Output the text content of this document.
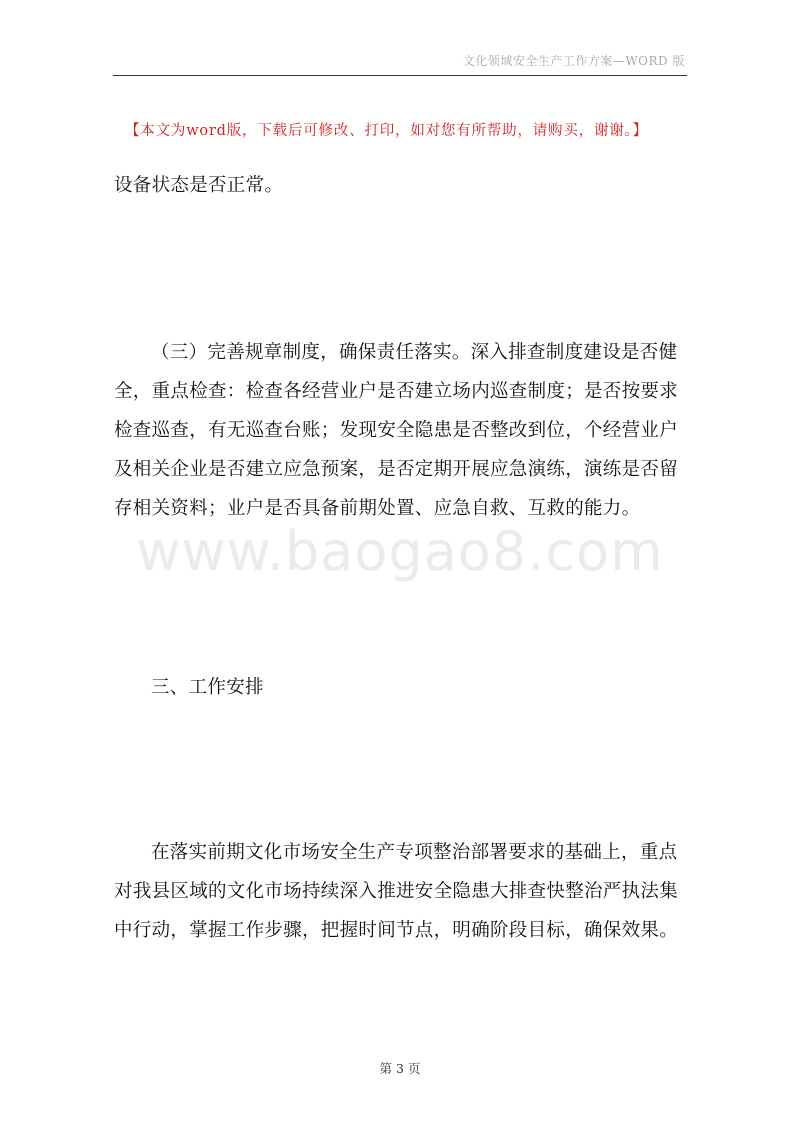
文化领域安全生产工作方案—WORD 版
【本文为word版，下载后可修改、打印，如对您有所帮助，请购买，谢谢。】
设备状态是否正常。
（三）完善规章制度，确保责任落实。深入排查制度建设是否健全，重点检查：检查各经营业户是否建立场内巡查制度；是否按要求检查巡查，有无巡查台账；发现安全隐患是否整改到位，个经营业户及相关企业是否建立应急预案，是否定期开展应急演练，演练是否留存相关资料；业户是否具备前期处置、应急自救、互救的能力。
www.baogao8.com
三、工作安排
在落实前期文化市场安全生产专项整治部署要求的基础上，重点对我县区域的文化市场持续深入推进安全隐患大排查快整治严执法集中行动，掌握工作步骤，把握时间节点，明确阶段目标，确保效果。
第 3 页
